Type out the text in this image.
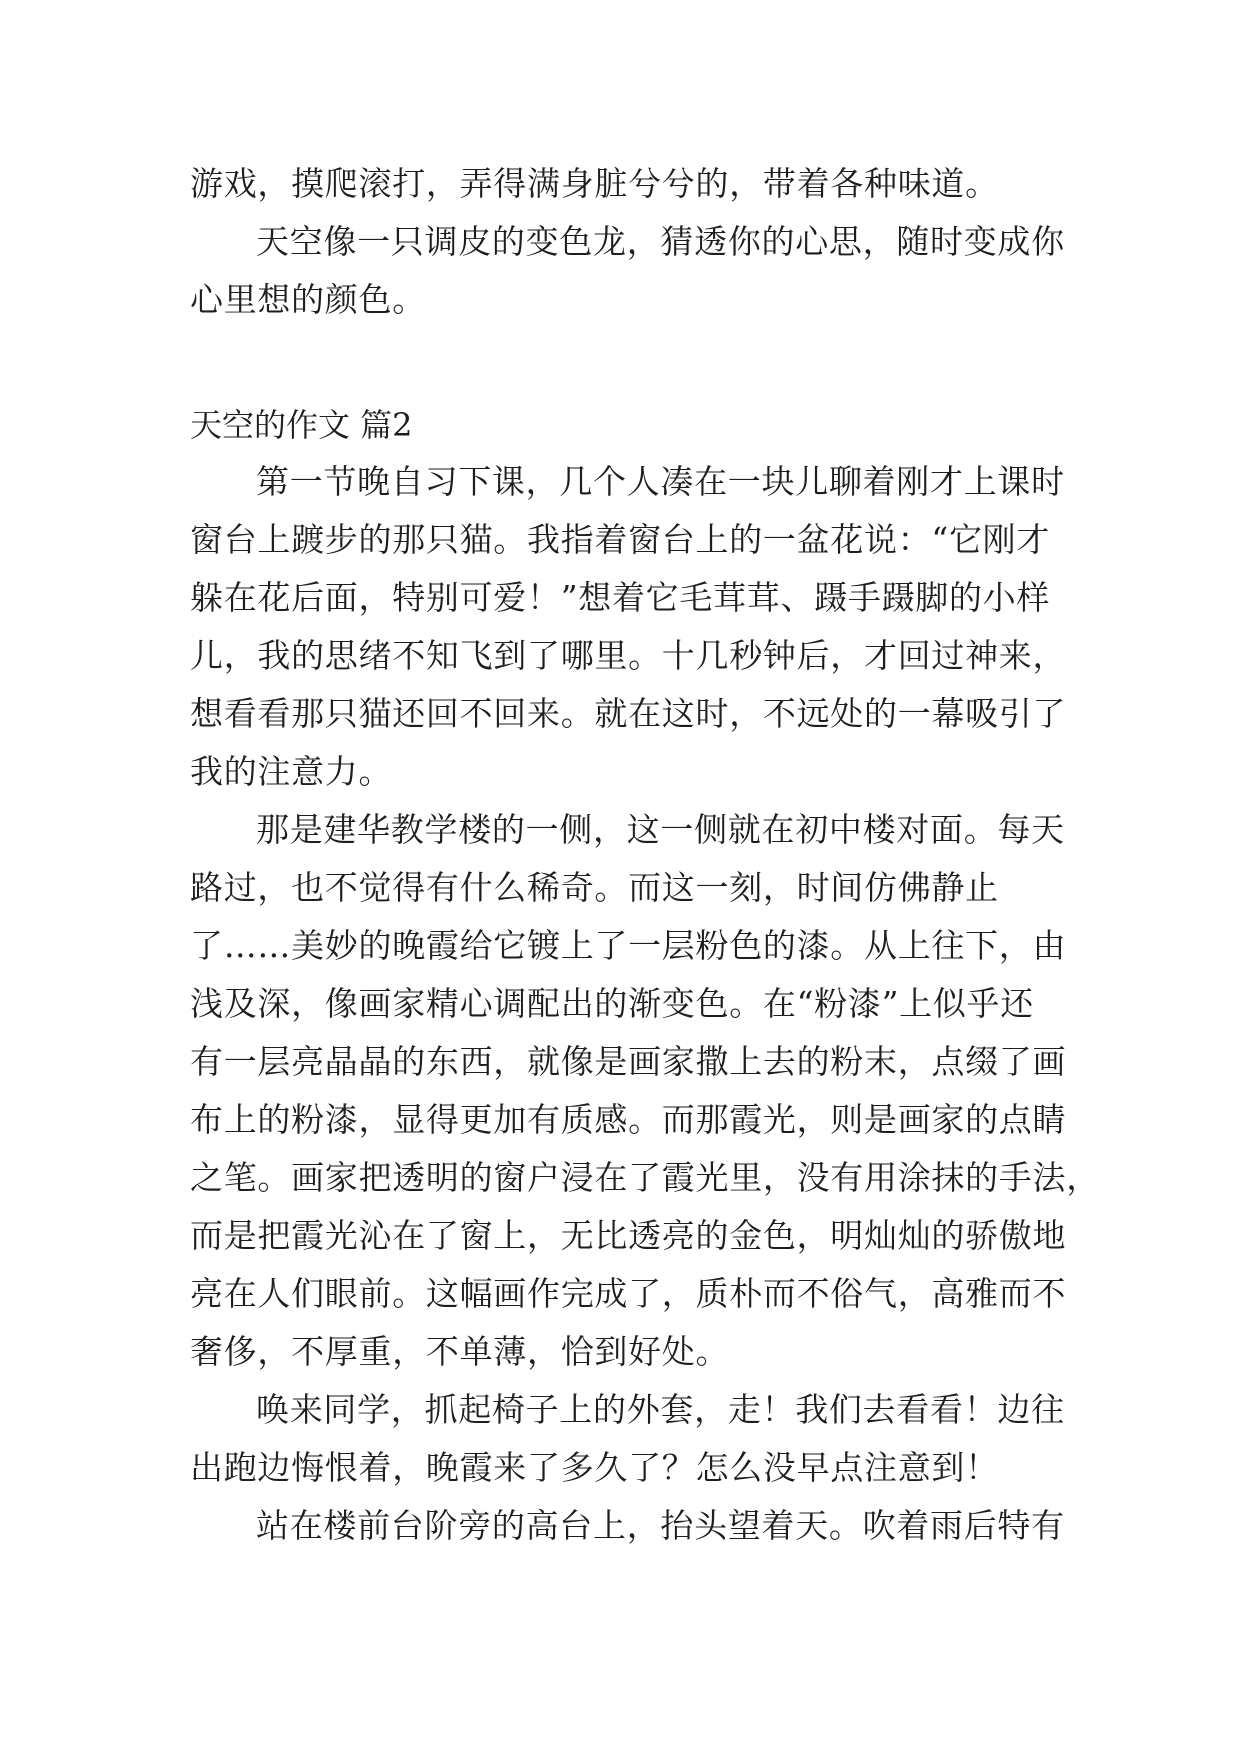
游戏，摸爬滚打，弄得满身脏兮兮的，带着各种味道。
天空像一只调皮的变色龙，猜透你的心思，随时变成你
心里想的颜色。
天空的作文 篇2
第一节晚自习下课，几个人凑在一块儿聊着刚才上课时
窗台上踱步的那只猫。我指着窗台上的一盆花说：“它刚才
躲在花后面，特别可爱！”想着它毛茸茸、蹑手蹑脚的小样
儿，我的思绪不知飞到了哪里。十几秒钟后，才回过神来，
想看看那只猫还回不回来。就在这时，不远处的一幕吸引了
我的注意力。
那是建华教学楼的一侧，这一侧就在初中楼对面。每天
路过，也不觉得有什么稀奇。而这一刻，时间仿佛静止
了……美妙的晚霞给它镀上了一层粉色的漆。从上往下，由
浅及深，像画家精心调配出的渐变色。在“粉漆”上似乎还
有一层亮晶晶的东西，就像是画家撒上去的粉末，点缀了画
布上的粉漆，显得更加有质感。而那霞光，则是画家的点睛
之笔。画家把透明的窗户浸在了霞光里，没有用涂抹的手法，
而是把霞光沁在了窗上，无比透亮的金色，明灿灿的骄傲地
亮在人们眼前。这幅画作完成了，质朴而不俗气，高雅而不
奢侈，不厚重，不单薄，恰到好处。
唤来同学，抓起椅子上的外套，走！我们去看看！边往
出跑边悔恨着，晚霞来了多久了？怎么没早点注意到！
站在楼前台阶旁的高台上，抬头望着天。吹着雨后特有
